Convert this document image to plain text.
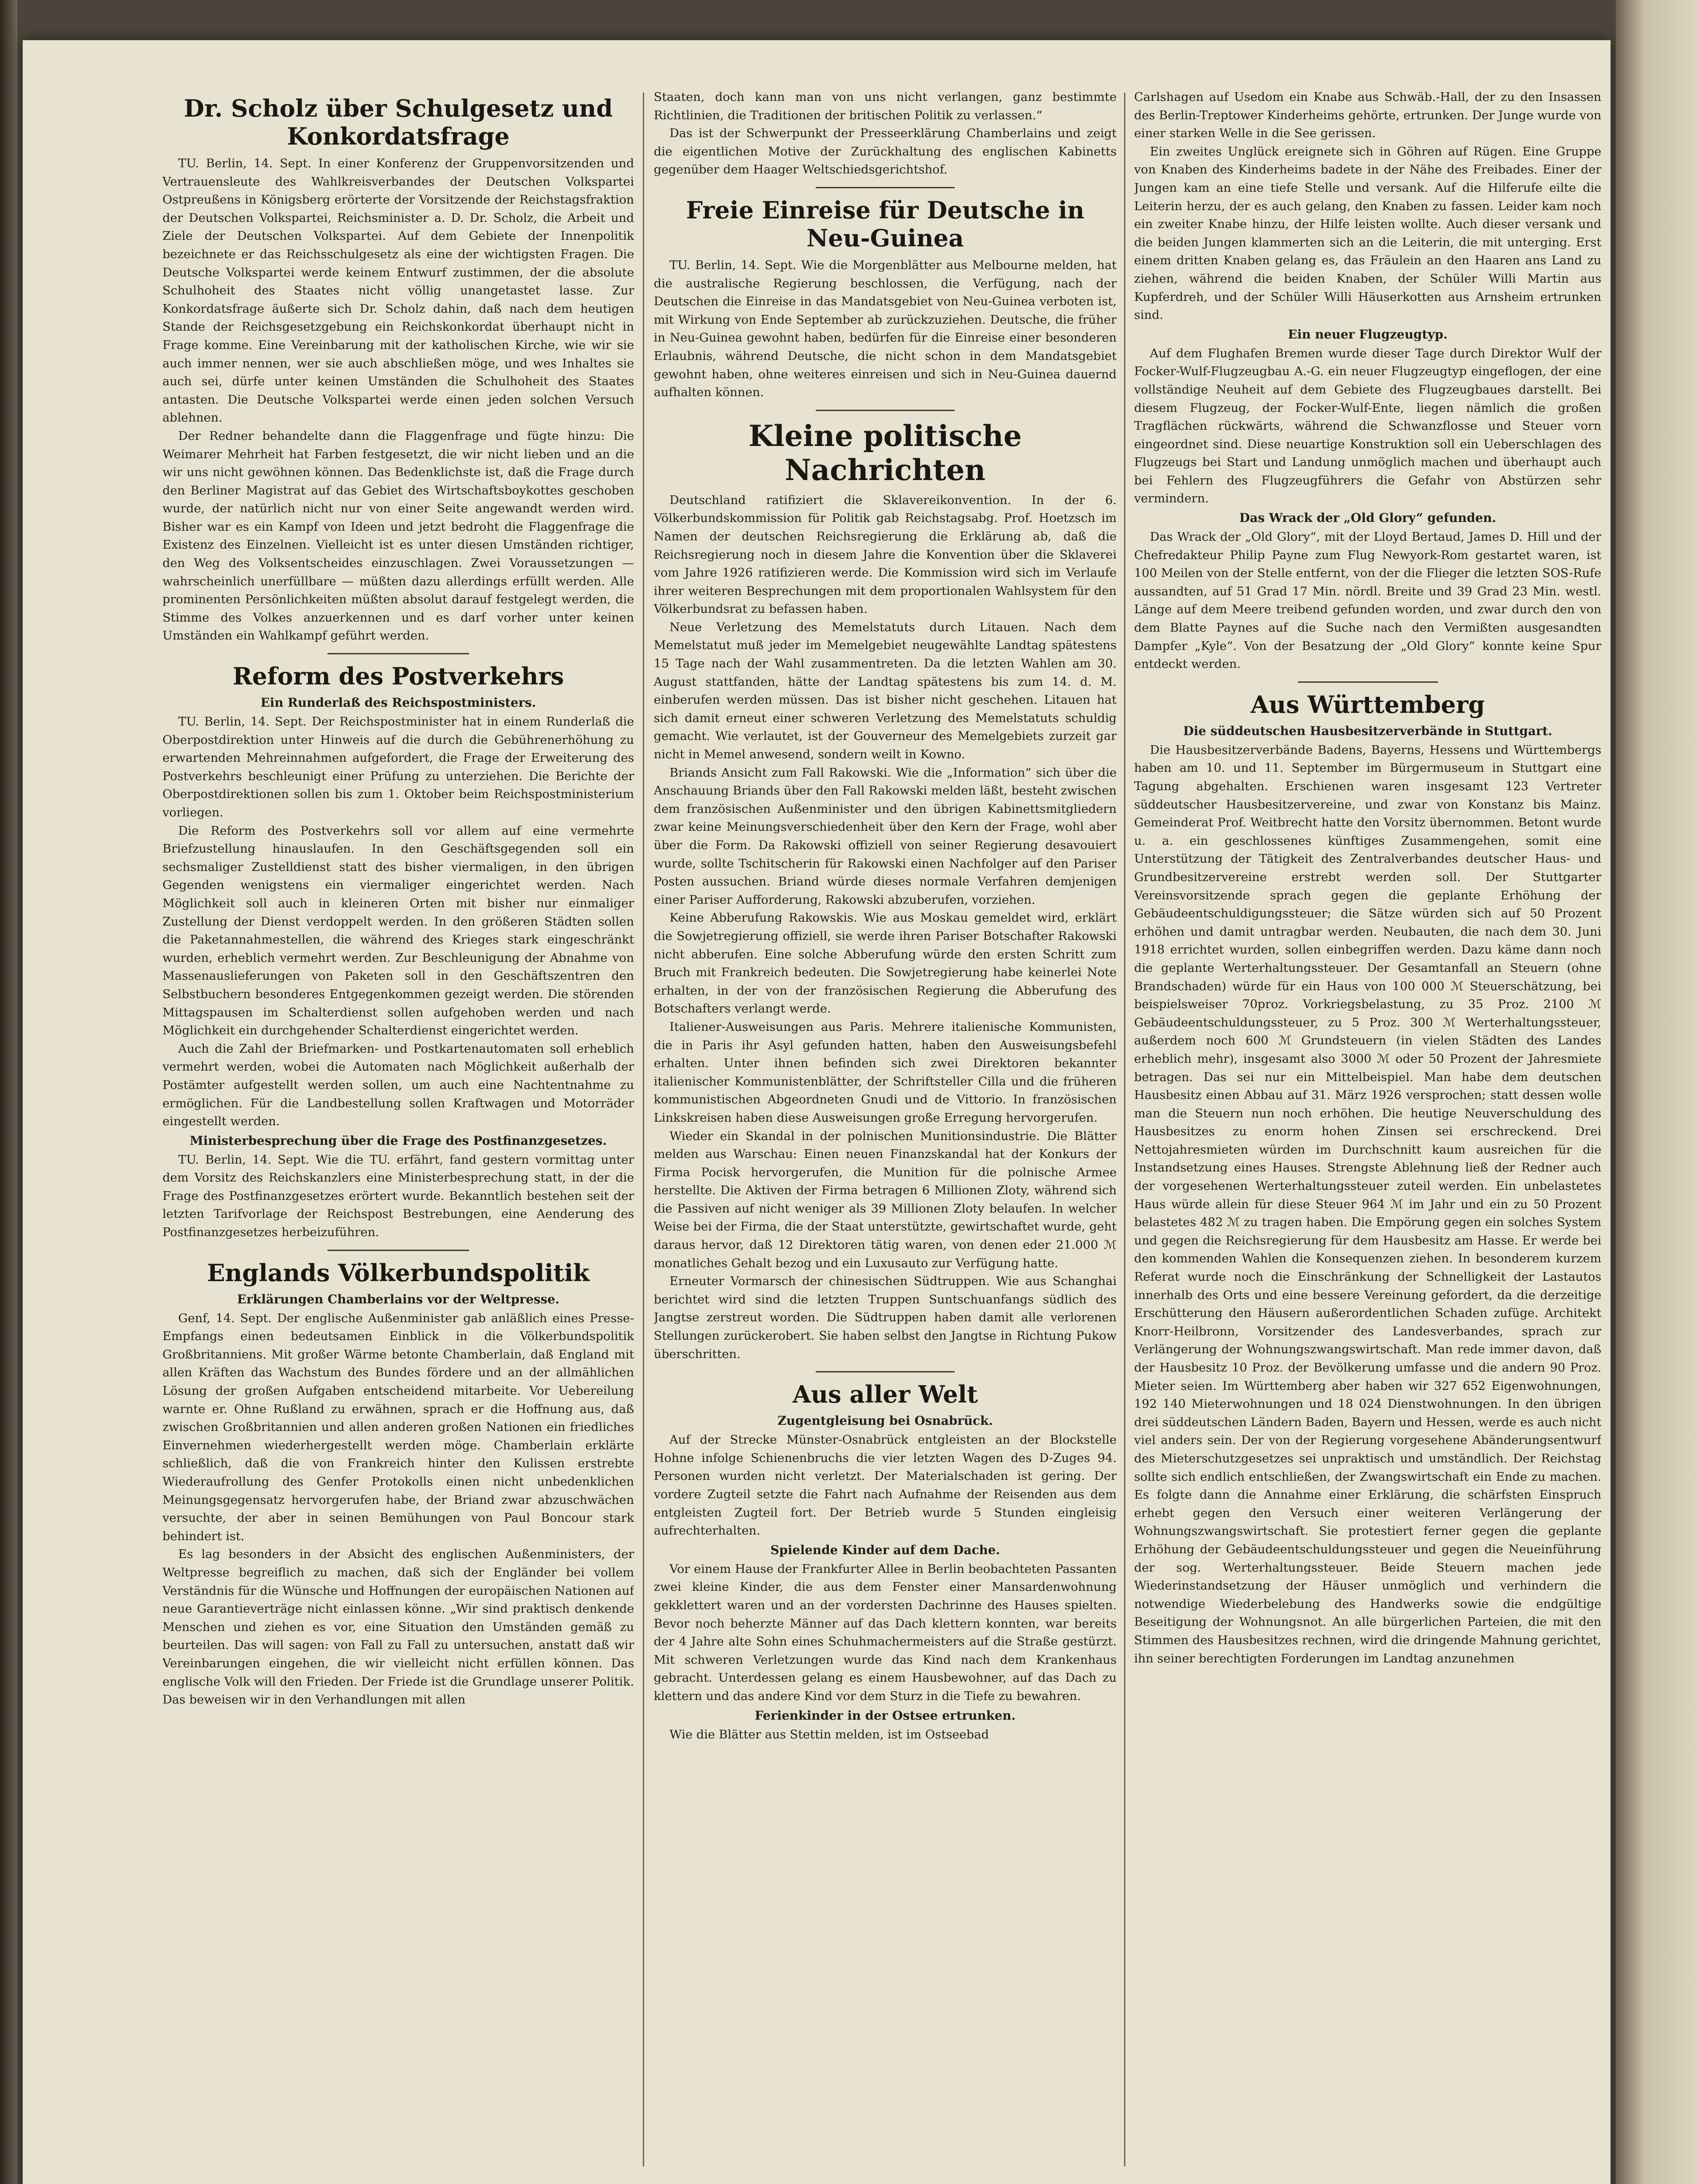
Dr. Scholz über Schulgesetz und Konkordatsfrage

TU. Berlin, 14. Sept. In einer Konferenz der Gruppenvorsitzenden und Vertrauensleute des Wahlkreisverbandes der Deutschen Volkspartei Ostpreußens in Königsberg erörterte der Vorsitzende der Reichstagsfraktion der Deutschen Volkspartei, Reichsminister a. D. Dr. Scholz, die Arbeit und Ziele der Deutschen Volkspartei. Auf dem Gebiete der Innenpolitik bezeichnete er das Reichsschulgesetz als eine der wichtigsten Fragen. Die Deutsche Volkspartei werde keinem Entwurf zustimmen, der die absolute Schulhoheit des Staates nicht völlig unangetastet lasse. Zur Konkordatsfrage äußerte sich Dr. Scholz dahin, daß nach dem heutigen Stande der Reichsgesetzgebung ein Reichskonkordat überhaupt nicht in Frage komme. Eine Vereinbarung mit der katholischen Kirche, wie wir sie auch immer nennen, wer sie auch abschließen möge, und wes Inhaltes sie auch sei, dürfe unter keinen Umständen die Schulhoheit des Staates antasten. Die Deutsche Volkspartei werde einen jeden solchen Versuch ablehnen.

Der Redner behandelte dann die Flaggenfrage und fügte hinzu: Die Weimarer Mehrheit hat Farben festgesetzt, die wir nicht lieben und an die wir uns nicht gewöhnen können. Das Bedenklichste ist, daß die Frage durch den Berliner Magistrat auf das Gebiet des Wirtschaftsboykottes geschoben wurde, der natürlich nicht nur von einer Seite angewandt werden wird. Bisher war es ein Kampf von Ideen und jetzt bedroht die Flaggenfrage die Existenz des Einzelnen. Vielleicht ist es unter diesen Umständen richtiger, den Weg des Volksentscheides einzuschlagen. Zwei Voraussetzungen — wahrscheinlich unerfüllbare — müßten dazu allerdings erfüllt werden. Alle prominenten Persönlichkeiten müßten absolut darauf festgelegt werden, die Stimme des Volkes anzuerkennen und es darf vorher unter keinen Umständen ein Wahlkampf geführt werden.

Reform des Postverkehrs
Ein Runderlaß des Reichspostministers.

TU. Berlin, 14. Sept. Der Reichspostminister hat in einem Runderlaß die Oberpostdirektion unter Hinweis auf die durch die Gebührenerhöhung zu erwartenden Mehreinnahmen aufgefordert, die Frage der Erweiterung des Postverkehrs beschleunigt einer Prüfung zu unterziehen. Die Berichte der Oberpostdirektionen sollen bis zum 1. Oktober beim Reichspostministerium vorliegen.

Die Reform des Postverkehrs soll vor allem auf eine vermehrte Briefzustellung hinauslaufen. In den Geschäftsgegenden soll ein sechsmaliger Zustelldienst statt des bisher viermaligen, in den übrigen Gegenden wenigstens ein viermaliger eingerichtet werden. Nach Möglichkeit soll auch in kleineren Orten mit bisher nur einmaliger Zustellung der Dienst verdoppelt werden. In den größeren Städten sollen die Paketannahmestellen, die während des Krieges stark eingeschränkt wurden, erheblich vermehrt werden. Zur Beschleunigung der Abnahme von Massenauslieferungen von Paketen soll in den Geschäftszentren den Selbstbuchern besonderes Entgegenkommen gezeigt werden. Die störenden Mittagspausen im Schalterdienst sollen aufgehoben werden und nach Möglichkeit ein durchgehender Schalterdienst eingerichtet werden.

Auch die Zahl der Briefmarken- und Postkartenautomaten soll erheblich vermehrt werden, wobei die Automaten nach Möglichkeit außerhalb der Postämter aufgestellt werden sollen, um auch eine Nachtentnahme zu ermöglichen. Für die Landbestellung sollen Kraftwagen und Motorräder eingestellt werden.

Ministerbesprechung über die Frage des Postfinanzgesetzes.

TU. Berlin, 14. Sept. Wie die TU. erfährt, fand gestern vormittag unter dem Vorsitz des Reichskanzlers eine Ministerbesprechung statt, in der die Frage des Postfinanzgesetzes erörtert wurde. Bekanntlich bestehen seit der letzten Tarifvorlage der Reichspost Bestrebungen, eine Aenderung des Postfinanzgesetzes herbeizuführen.

Englands Völkerbundspolitik
Erklärungen Chamberlains vor der Weltpresse.

Genf, 14. Sept. Der englische Außenminister gab anläßlich eines Presse-Empfangs einen bedeutsamen Einblick in die Völkerbundspolitik Großbritanniens. Mit großer Wärme betonte Chamberlain, daß England mit allen Kräften das Wachstum des Bundes fördere und an der allmählichen Lösung der großen Aufgaben entscheidend mitarbeite. Vor Uebereilung warnte er. Ohne Rußland zu erwähnen, sprach er die Hoffnung aus, daß zwischen Großbritannien und allen anderen großen Nationen ein friedliches Einvernehmen wiederhergestellt werden möge. Chamberlain erklärte schließlich, daß die von Frankreich hinter den Kulissen erstrebte Wiederaufrollung des Genfer Protokolls einen nicht unbedenklichen Meinungsgegensatz hervorgerufen habe, der Briand zwar abzuschwächen versuchte, der aber in seinen Bemühungen von Paul Boncour stark behindert ist.

Es lag besonders in der Absicht des englischen Außenministers, der Weltpresse begreiflich zu machen, daß sich der Engländer bei vollem Verständnis für die Wünsche und Hoffnungen der europäischen Nationen auf neue Garantieverträge nicht einlassen könne. „Wir sind praktisch denkende Menschen und ziehen es vor, eine Situation den Umständen gemäß zu beurteilen. Das will sagen: von Fall zu Fall zu untersuchen, anstatt daß wir Vereinbarungen eingehen, die wir vielleicht nicht erfüllen können. Das englische Volk will den Frieden. Der Friede ist die Grundlage unserer Politik. Das beweisen wir in den Verhandlungen mit allen

Staaten, doch kann man von uns nicht verlangen, ganz bestimmte Richtlinien, die Traditionen der britischen Politik zu verlassen.“

Das ist der Schwerpunkt der Presseerklärung Chamberlains und zeigt die eigentlichen Motive der Zurückhaltung des englischen Kabinetts gegenüber dem Haager Weltschiedsgerichtshof.

Freie Einreise für Deutsche in Neu-Guinea

TU. Berlin, 14. Sept. Wie die Morgenblätter aus Melbourne melden, hat die australische Regierung beschlossen, die Verfügung, nach der Deutschen die Einreise in das Mandatsgebiet von Neu-Guinea verboten ist, mit Wirkung von Ende September ab zurückzuziehen. Deutsche, die früher in Neu-Guinea gewohnt haben, bedürfen für die Einreise einer besonderen Erlaubnis, während Deutsche, die nicht schon in dem Mandatsgebiet gewohnt haben, ohne weiteres einreisen und sich in Neu-Guinea dauernd aufhalten können.

Kleine politische Nachrichten

Deutschland ratifiziert die Sklavereikonvention. In der 6. Völkerbundskommission für Politik gab Reichstagsabg. Prof. Hoetzsch im Namen der deutschen Reichsregierung die Erklärung ab, daß die Reichsregierung noch in diesem Jahre die Konvention über die Sklaverei vom Jahre 1926 ratifizieren werde. Die Kommission wird sich im Verlaufe ihrer weiteren Besprechungen mit dem proportionalen Wahlsystem für den Völkerbundsrat zu befassen haben.

Neue Verletzung des Memelstatuts durch Litauen. Nach dem Memelstatut muß jeder im Memelgebiet neugewählte Landtag spätestens 15 Tage nach der Wahl zusammentreten. Da die letzten Wahlen am 30. August stattfanden, hätte der Landtag spätestens bis zum 14. d. M. einberufen werden müssen. Das ist bisher nicht geschehen. Litauen hat sich damit erneut einer schweren Verletzung des Memelstatuts schuldig gemacht. Wie verlautet, ist der Gouverneur des Memelgebiets zurzeit gar nicht in Memel anwesend, sondern weilt in Kowno.

Briands Ansicht zum Fall Rakowski. Wie die „Information“ sich über die Anschauung Briands über den Fall Rakowski melden läßt, besteht zwischen dem französischen Außenminister und den übrigen Kabinettsmitgliedern zwar keine Meinungsverschiedenheit über den Kern der Frage, wohl aber über die Form. Da Rakowski offiziell von seiner Regierung desavouiert wurde, sollte Tschitscherin für Rakowski einen Nachfolger auf den Pariser Posten aussuchen. Briand würde dieses normale Verfahren demjenigen einer Pariser Aufforderung, Rakowski abzuberufen, vorziehen.

Keine Abberufung Rakowskis. Wie aus Moskau gemeldet wird, erklärt die Sowjetregierung offiziell, sie werde ihren Pariser Botschafter Rakowski nicht abberufen. Eine solche Abberufung würde den ersten Schritt zum Bruch mit Frankreich bedeuten. Die Sowjetregierung habe keinerlei Note erhalten, in der von der französischen Regierung die Abberufung des Botschafters verlangt werde.

Italiener-Ausweisungen aus Paris. Mehrere italienische Kommunisten, die in Paris ihr Asyl gefunden hatten, haben den Ausweisungsbefehl erhalten. Unter ihnen befinden sich zwei Direktoren bekannter italienischer Kommunistenblätter, der Schriftsteller Cilla und die früheren kommunistischen Abgeordneten Gnudi und de Vittorio. In französischen Linkskreisen haben diese Ausweisungen große Erregung hervorgerufen.

Wieder ein Skandal in der polnischen Munitionsindustrie. Die Blätter melden aus Warschau: Einen neuen Finanzskandal hat der Konkurs der Firma Pocisk hervorgerufen, die Munition für die polnische Armee herstellte. Die Aktiven der Firma betragen 6 Millionen Zloty, während sich die Passiven auf nicht weniger als 39 Millionen Zloty belaufen. In welcher Weise bei der Firma, die der Staat unterstützte, gewirtschaftet wurde, geht daraus hervor, daß 12 Direktoren tätig waren, von denen eder 21.000 ℳ monatliches Gehalt bezog und ein Luxusauto zur Verfügung hatte.

Erneuter Vormarsch der chinesischen Südtruppen. Wie aus Schanghai berichtet wird sind die letzten Truppen Suntschuanfangs südlich des Jangtse zerstreut worden. Die Südtruppen haben damit alle verlorenen Stellungen zurückerobert. Sie haben selbst den Jangtse in Richtung Pukow überschritten.

Aus aller Welt
Zugentgleisung bei Osnabrück.

Auf der Strecke Münster-Osnabrück entgleisten an der Blockstelle Hohne infolge Schienenbruchs die vier letzten Wagen des D-Zuges 94. Personen wurden nicht verletzt. Der Materialschaden ist gering. Der vordere Zugteil setzte die Fahrt nach Aufnahme der Reisenden aus dem entgleisten Zugteil fort. Der Betrieb wurde 5 Stunden eingleisig aufrechterhalten.

Spielende Kinder auf dem Dache.

Vor einem Hause der Frankfurter Allee in Berlin beobachteten Passanten zwei kleine Kinder, die aus dem Fenster einer Mansardenwohnung gekklettert waren und an der vordersten Dachrinne des Hauses spielten. Bevor noch beherzte Männer auf das Dach klettern konnten, war bereits der 4 Jahre alte Sohn eines Schuhmachermeisters auf die Straße gestürzt. Mit schweren Verletzungen wurde das Kind nach dem Krankenhaus gebracht. Unterdessen gelang es einem Hausbewohner, auf das Dach zu klettern und das andere Kind vor dem Sturz in die Tiefe zu bewahren.

Ferienkinder in der Ostsee ertrunken.

Wie die Blätter aus Stettin melden, ist im Ostseebad

Carlshagen auf Usedom ein Knabe aus Schwäb.-Hall, der zu den Insassen des Berlin-Treptower Kinderheims gehörte, ertrunken. Der Junge wurde von einer starken Welle in die See gerissen.

Ein zweites Unglück ereignete sich in Göhren auf Rügen. Eine Gruppe von Knaben des Kinderheims badete in der Nähe des Freibades. Einer der Jungen kam an eine tiefe Stelle und versank. Auf die Hilferufe eilte die Leiterin herzu, der es auch gelang, den Knaben zu fassen. Leider kam noch ein zweiter Knabe hinzu, der Hilfe leisten wollte. Auch dieser versank und die beiden Jungen klammerten sich an die Leiterin, die mit unterging. Erst einem dritten Knaben gelang es, das Fräulein an den Haaren ans Land zu ziehen, während die beiden Knaben, der Schüler Willi Martin aus Kupferdreh, und der Schüler Willi Häuserkotten aus Arnsheim ertrunken sind.

Ein neuer Flugzeugtyp.

Auf dem Flughafen Bremen wurde dieser Tage durch Direktor Wulf der Focker-Wulf-Flugzeugbau A.-G. ein neuer Flugzeugtyp eingeflogen, der eine vollständige Neuheit auf dem Gebiete des Flugzeugbaues darstellt. Bei diesem Flugzeug, der Focker-Wulf-Ente, liegen nämlich die großen Tragflächen rückwärts, während die Schwanzflosse und Steuer vorn eingeordnet sind. Diese neuartige Konstruktion soll ein Ueberschlagen des Flugzeugs bei Start und Landung unmöglich machen und überhaupt auch bei Fehlern des Flugzeugführers die Gefahr von Abstürzen sehr vermindern.

Das Wrack der „Old Glory“ gefunden.

Das Wrack der „Old Glory“, mit der Lloyd Bertaud, James D. Hill und der Chefredakteur Philip Payne zum Flug Newyork-Rom gestartet waren, ist 100 Meilen von der Stelle entfernt, von der die Flieger die letzten SOS-Rufe aussandten, auf 51 Grad 17 Min. nördl. Breite und 39 Grad 23 Min. westl. Länge auf dem Meere treibend gefunden worden, und zwar durch den von dem Blatte Paynes auf die Suche nach den Vermißten ausgesandten Dampfer „Kyle“. Von der Besatzung der „Old Glory“ konnte keine Spur entdeckt werden.

Aus Württemberg
Die süddeutschen Hausbesitzerverbände in Stuttgart.

Die Hausbesitzerverbände Badens, Bayerns, Hessens und Württembergs haben am 10. und 11. September im Bürgermuseum in Stuttgart eine Tagung abgehalten. Erschienen waren insgesamt 123 Vertreter süddeutscher Hausbesitzervereine, und zwar von Konstanz bis Mainz. Gemeinderat Prof. Weitbrecht hatte den Vorsitz übernommen. Betont wurde u. a. ein geschlossenes künftiges Zusammengehen, somit eine Unterstützung der Tätigkeit des Zentralverbandes deutscher Haus- und Grundbesitzervereine erstrebt werden soll. Der Stuttgarter Vereinsvorsitzende sprach gegen die geplante Erhöhung der Gebäudeentschuldigungssteuer; die Sätze würden sich auf 50 Prozent erhöhen und damit untragbar werden. Neubauten, die nach dem 30. Juni 1918 errichtet wurden, sollen einbegriffen werden. Dazu käme dann noch die geplante Werterhaltungssteuer. Der Gesamtanfall an Steuern (ohne Brandschaden) würde für ein Haus von 100 000 ℳ Steuerschätzung, bei beispielsweiser 70proz. Vorkriegsbelastung, zu 35 Proz. 2100 ℳ Gebäudeentschuldungssteuer, zu 5 Proz. 300 ℳ Werterhaltungssteuer, außerdem noch 600 ℳ Grundsteuern (in vielen Städten des Landes erheblich mehr), insgesamt also 3000 ℳ oder 50 Prozent der Jahresmiete betragen. Das sei nur ein Mittelbeispiel. Man habe dem deutschen Hausbesitz einen Abbau auf 31. März 1926 versprochen; statt dessen wolle man die Steuern nun noch erhöhen. Die heutige Neuverschuldung des Hausbesitzes zu enorm hohen Zinsen sei erschreckend. Drei Nettojahresmieten würden im Durchschnitt kaum ausreichen für die Instandsetzung eines Hauses. Strengste Ablehnung ließ der Redner auch der vorgesehenen Werterhaltungssteuer zuteil werden. Ein unbelastetes Haus würde allein für diese Steuer 964 ℳ im Jahr und ein zu 50 Prozent belastetes 482 ℳ zu tragen haben. Die Empörung gegen ein solches System und gegen die Reichsregierung für dem Hausbesitz am Hasse. Er werde bei den kommenden Wahlen die Konsequenzen ziehen. In besonderem kurzem Referat wurde noch die Einschränkung der Schnelligkeit der Lastautos innerhalb des Orts und eine bessere Vereinung gefordert, da die derzeitige Erschütterung den Häusern außerordentlichen Schaden zufüge. Architekt Knorr-Heilbronn, Vorsitzender des Landesverbandes, sprach zur Verlängerung der Wohnungszwangswirtschaft. Man rede immer davon, daß der Hausbesitz 10 Proz. der Bevölkerung umfasse und die andern 90 Proz. Mieter seien. Im Württemberg aber haben wir 327 652 Eigenwohnungen, 192 140 Mieterwohnungen und 18 024 Dienstwohnungen. In den übrigen drei süddeutschen Ländern Baden, Bayern und Hessen, werde es auch nicht viel anders sein. Der von der Regierung vorgesehene Abänderungsentwurf des Mieterschutzgesetzes sei unpraktisch und umständlich. Der Reichstag sollte sich endlich entschließen, der Zwangswirtschaft ein Ende zu machen. Es folgte dann die Annahme einer Erklärung, die schärfsten Einspruch erhebt gegen den Versuch einer weiteren Verlängerung der Wohnungszwangswirtschaft. Sie protestiert ferner gegen die geplante Erhöhung der Gebäudeentschuldungssteuer und gegen die Neueinführung der sog. Werterhaltungssteuer. Beide Steuern machen jede Wiederinstandsetzung der Häuser unmöglich und verhindern die notwendige Wiederbelebung des Handwerks sowie die endgültige Beseitigung der Wohnungsnot. An alle bürgerlichen Parteien, die mit den Stimmen des Hausbesitzes rechnen, wird die dringende Mahnung gerichtet, ihn seiner berechtigten Forderungen im Landtag anzunehmen
